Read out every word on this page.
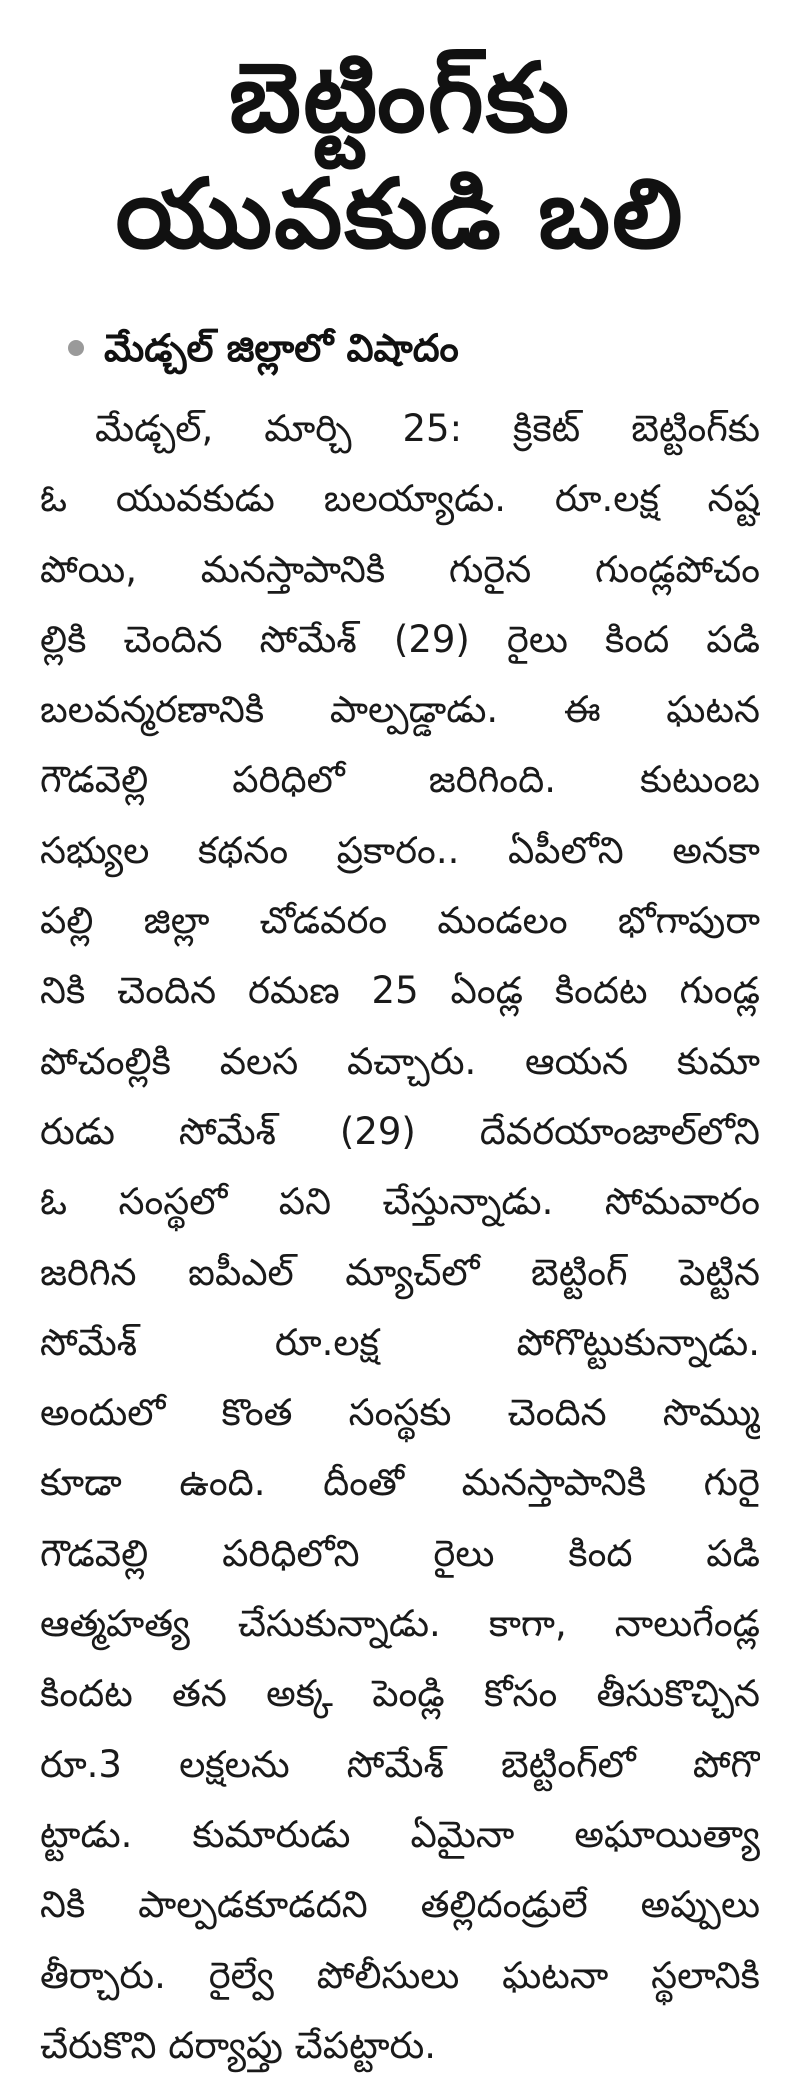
బెట్టింగ్‌కు
యువకుడి బలి
మేడ్చల్ జిల్లాలో విషాదం
మేడ్చల్, మార్చి 25: క్రికెట్ బెట్టింగ్‌కు
ఓ యువకుడు బలయ్యాడు. రూ.లక్ష నష్ట
పోయి, మనస్తాపానికి గురైన గుండ్లపోచం
ల్లికి చెందిన సోమేశ్ (29) రైలు కింద పడి
బలవన్మరణానికి పాల్పడ్డాడు. ఈ ఘటన
గౌడవెల్లి పరిధిలో జరిగింది. కుటుంబ
సభ్యుల కథనం ప్రకారం.. ఏపీలోని అనకా
పల్లి జిల్లా చోడవరం మండలం భోగాపురా
నికి చెందిన రమణ 25 ఏండ్ల కిందట గుండ్ల
పోచంల్లికి వలస వచ్చారు. ఆయన కుమా
రుడు సోమేశ్ (29) దేవరయాంజాల్‌లోని
ఓ సంస్థలో పని చేస్తున్నాడు. సోమవారం
జరిగిన ఐపీఎల్ మ్యాచ్‌లో బెట్టింగ్ పెట్టిన
సోమేశ్ రూ.లక్ష పోగొట్టుకున్నాడు.
అందులో కొంత సంస్థకు చెందిన సొమ్ము
కూడా ఉంది. దీంతో మనస్తాపానికి గురై
గౌడవెల్లి పరిధిలోని రైలు కింద పడి
ఆత్మహత్య చేసుకున్నాడు. కాగా, నాలుగేండ్ల
కిందట తన అక్క పెండ్లి కోసం తీసుకొచ్చిన
రూ.3 లక్షలను సోమేశ్ బెట్టింగ్‌లో పోగొ
ట్టాడు. కుమారుడు ఏమైనా అఘాయిత్యా
నికి పాల్పడకూడదని తల్లిదండ్రులే అప్పులు
తీర్చారు. రైల్వే పోలీసులు ఘటనా స్థలానికి
చేరుకొని దర్యాప్తు చేపట్టారు.
